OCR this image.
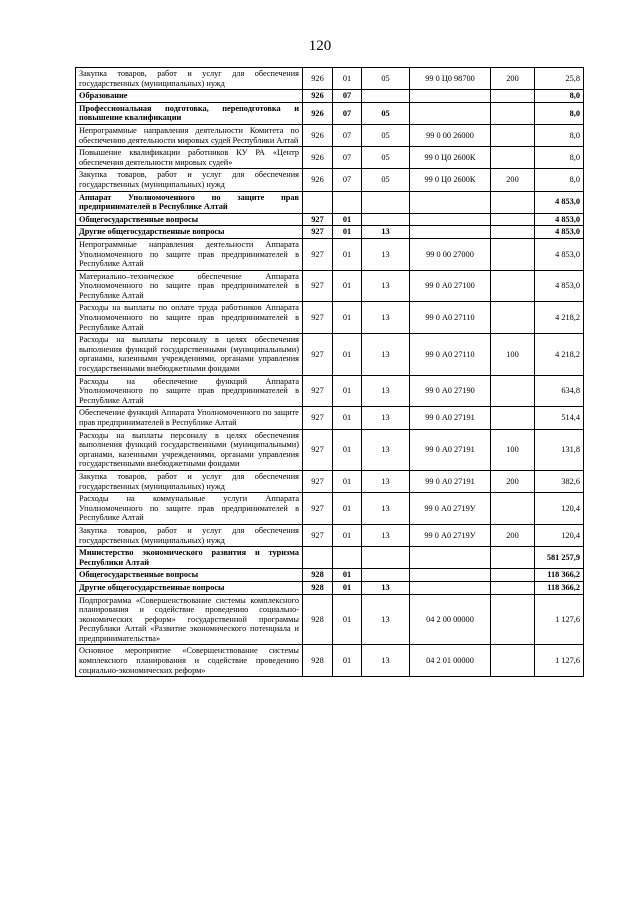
120
Закупка товаров, работ и услуг для обеспечения государственных (муниципальных) нужд	926	01	05	99 0 Ц0 98700	200	25,8
Образование	926	07				8,0
Профессиональная подготовка, переподготовка и повышение квалификации	926	07	05			8,0
Непрограммные направления деятельности Комитета по обеспечению деятельности мировых судей Республики Алтай	926	07	05	99 0 00 26000		8,0
Повышение квалификации работников КУ РА «Центр обеспечения деятельности мировых судей»	926	07	05	99 0 Ц0 2600К		8,0
Закупка товаров, работ и услуг для обеспечения государственных (муниципальных) нужд	926	07	05	99 0 Ц0 2600К	200	8,0
Аппарат Уполномоченного по защите прав предпринимателей в Республике Алтай						4 853,0
Общегосударственные вопросы	927	01				4 853,0
Другие общегосударственные вопросы	927	01	13			4 853,0
Непрограммные направления деятельности Аппарата Уполномоченного по защите прав предпринимателей в Республике Алтай	927	01	13	99 0 00 27000		4 853,0
Материально–техническое обеспечение Аппарата Уполномоченного по защите прав предпринимателей в Республике Алтай	927	01	13	99 0 А0 27100		4 853,0
Расходы на выплаты по оплате труда работников Аппарата Уполномоченного по защите прав предпринимателей в Республике Алтай	927	01	13	99 0 А0 27110		4 218,2
Расходы на выплаты персоналу в целях обеспечения выполнения функций государственными (муниципальными) органами, казенными учреждениями, органами управления государственными внебюджетными фондами	927	01	13	99 0 А0 27110	100	4 218,2
Расходы на обеспечение функций Аппарата Уполномоченного по защите прав предпринимателей в Республике Алтай	927	01	13	99 0 А0 27190		634,8
Обеспечение функций Аппарата Уполномоченного по защите прав предпринимателей в Республике Алтай	927	01	13	99 0 А0 27191		514,4
Расходы на выплаты персоналу в целях обеспечения выполнения функций государственными (муниципальными) органами, казенными учреждениями, органами управления государственными внебюджетными фондами	927	01	13	99 0 А0 27191	100	131,8
Закупка товаров, работ и услуг для обеспечения государственных (муниципальных) нужд	927	01	13	99 0 А0 27191	200	382,6
Расходы на коммунальные услуги Аппарата Уполномоченного по защите прав предпринимателей в Республике Алтай	927	01	13	99 0 А0 2719У		120,4
Закупка товаров, работ и услуг для обеспечения государственных (муниципальных) нужд	927	01	13	99 0 А0 2719У	200	120,4
Министерство экономического развития и туризма Республики Алтай						581 257,9
Общегосударственные вопросы	928	01				118 366,2
Другие общегосударственные вопросы	928	01	13			118 366,2
Подпрограмма «Совершенствование системы комплексного планирования и содействие проведению социально-экономических реформ» государственной программы Республики Алтай «Развитие экономического потенциала и предпринимательства»	928	01	13	04 2 00 00000		1 127,6
Основное мероприятие «Совершенствование системы комплексного планирования и содействие проведению социально-экономических реформ»	928	01	13	04 2 01 00000		1 127,6
